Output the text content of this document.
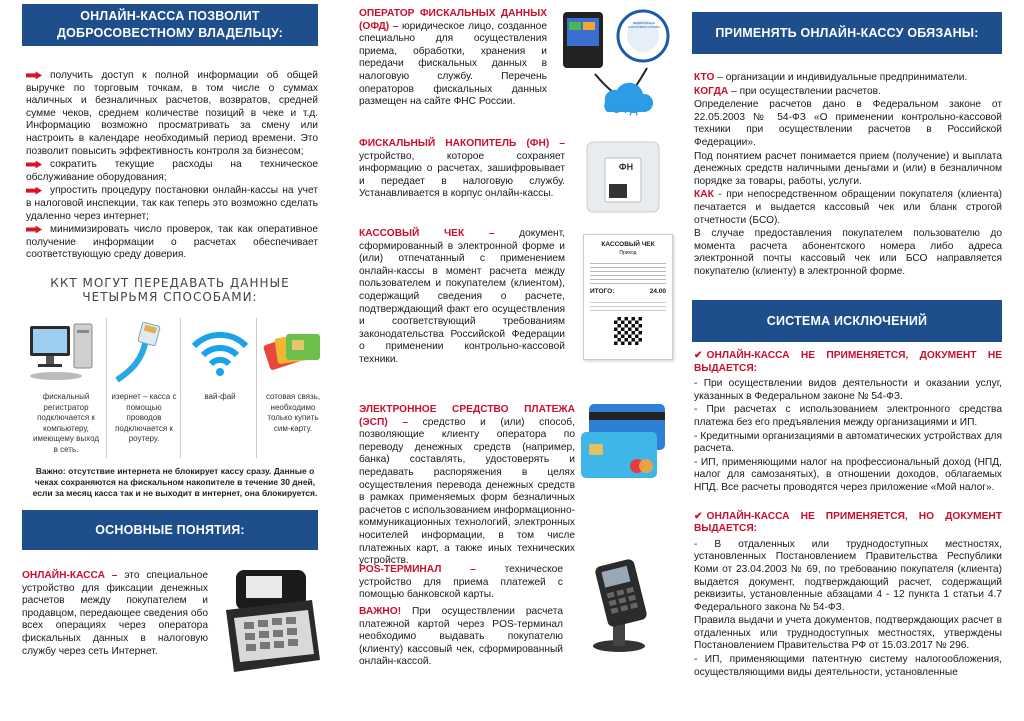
ОНЛАЙН-КАССА ПОЗВОЛИТ
ДОБРОСОВЕСТНОМУ ВЛАДЕЛЬЦУ:

получить доступ к полной информации об общей выручке по торговым точкам, в том числе о суммах наличных и безналичных расчетов, возвратов, средней сумме чеков, среднем количестве позиций в чеке и т.д. Информацию возможно просматривать за смену или настроить в календаре необходимый период времени. Это позволит повысить эффективность контроля за бизнесом;

сократить текущие расходы на техническое обслуживание оборудования;

упростить процедуру постановки онлайн-кассы на учет в налоговой инспекции, так как теперь это возможно сделать удаленно через интернет;

минимизировать число проверок, так как оперативное получение информации о расчетах обеспечивает соответствующую среду доверия.

ККТ МОГУТ ПЕРЕДАВАТЬ ДАННЫЕ
ЧЕТЫРЬМЯ СПОСОБАМИ:
фискальный регистратор подключается к компьютеру, имеющему выход в сеть.
изернет – касса с помощью проводов подключается к роутеру.
вай-фай	сотовая связь, необходимо только купить сим-карту.
Важно: отсутствие интернета не блокирует кассу сразу. Данные о чеках сохраняются на фискальном накопителе в течение 30 дней, если за месяц касса так и не выходит в интернет, она блокируется.
ОСНОВНЫЕ ПОНЯТИЯ:
ОНЛАЙН-КАССА – это специальное устройство для фиксации денежных расчетов между покупателем и продавцом, передающее сведения обо всех операциях через оператора фискальных данных в налоговую службу через сеть Интернет.
ОПЕРАТОР ФИСКАЛЬНЫХ ДАННЫХ (ОФД) – юридическое лицо, созданное специально для осуществления приема, обработки, хранения и передачи фискальных данных в налоговую службу. Перечень операторов фискальных данных размещен на сайте ФНС России.
ФЕДЕРАЛЬНАЯ НАЛОГОВАЯ СЛУЖБА
ОФД
ФИСКАЛЬНЫЙ НАКОПИТЕЛЬ (ФН) – устройство, которое сохраняет информацию о расчетах, зашифровывает и передает в налоговую службу. Устанавливается в корпус онлайн-кассы.
ФН
КАССОВЫЙ ЧЕК – документ, сформированный в электронной форме и (или) отпечатанный с применением онлайн-кассы в момент расчета между пользователем и покупателем (клиентом), содержащий сведения о расчете, подтверждающий факт его осуществления и соответствующий требованиям законодательства Российской Федерации о применении контрольно-кассовой техники.
КАССОВЫЙ ЧЕК
Приход
ИТОГО:	24.00
ЭЛЕКТРОННОЕ СРЕДСТВО ПЛАТЕЖА (ЭСП) – средство и (или) способ, позволяющие клиенту оператора по переводу денежных средств (например, банка) составлять, удостоверять и передавать распоряжения в целях осуществления перевода денежных средств в рамках применяемых форм безналичных расчетов с использованием информационно-коммуникационных технологий, электронных носителей информации, в том числе платежных карт, а также иных технических устройств.
POS-ТЕРМИНАЛ –	техническое устройство для приема платежей с помощью банковской карты.
ВАЖНО! При осуществлении расчета платежной картой через POS-терминал необходимо выдавать покупателю (клиенту) кассовый чек, сформированный онлайн-кассой.
ПРИМЕНЯТЬ ОНЛАЙН-КАССУ ОБЯЗАНЫ:

КТО – организации и индивидуальные предприниматели.

КОГДА – при осуществлении расчетов.

Определение расчетов дано в Федеральном законе от 22.05.2003 № 54-ФЗ «О применении контрольно-кассовой техники при осуществлении расчетов в Российской Федерации».

Под понятием расчет понимается прием (получение) и выплата денежных средств наличными деньгами и (или) в безналичном порядке за товары, работы, услуги.

КАК - при непосредственном обращении покупателя (клиента) печатается и выдается кассовый чек или бланк строгой отчетности (БСО).

В случае предоставления покупателем пользователю до момента расчета абонентского номера либо адреса электронной почты кассовый чек или БСО направляется покупателю (клиенту) в электронной форме.

СИСТЕМА ИСКЛЮЧЕНИЙ

✔ ОНЛАЙН-КАССА НЕ ПРИМЕНЯЕТСЯ, ДОКУМЕНТ НЕ ВЫДАЕТСЯ:

- При осуществлении видов деятельности и оказании услуг, указанных в Федеральном законе № 54-ФЗ.

- При расчетах с использованием электронного средства платежа без его предъявления между организациями и ИП.

- Кредитными организациями в автоматических устройствах для расчета.

- ИП, применяющими налог на профессиональный доход (НПД, налог для самозанятых), в отношении доходов, облагаемых НПД. Все расчеты проводятся через приложение «Мой налог».

✔ ОНЛАЙН-КАССА НЕ ПРИМЕНЯЕТСЯ, НО ДОКУМЕНТ ВЫДАЕТСЯ:

- В отдаленных или труднодоступных местностях, установленных Постановлением Правительства Республики Коми от 23.04.2003 № 69, по требованию покупателя (клиента) выдается документ, подтверждающий расчет, содержащий реквизиты, установленные абзацами 4 - 12 пункта 1 статьи 4.7 Федерального закона № 54-ФЗ.

Правила выдачи и учета документов, подтверждающих расчет в отдаленных или труднодоступных местностях, утверждены Постановлением Правительства РФ от 15.03.2017 № 296.

- ИП, применяющими патентную систему налогообложения, осуществляющими виды деятельности, установленные
